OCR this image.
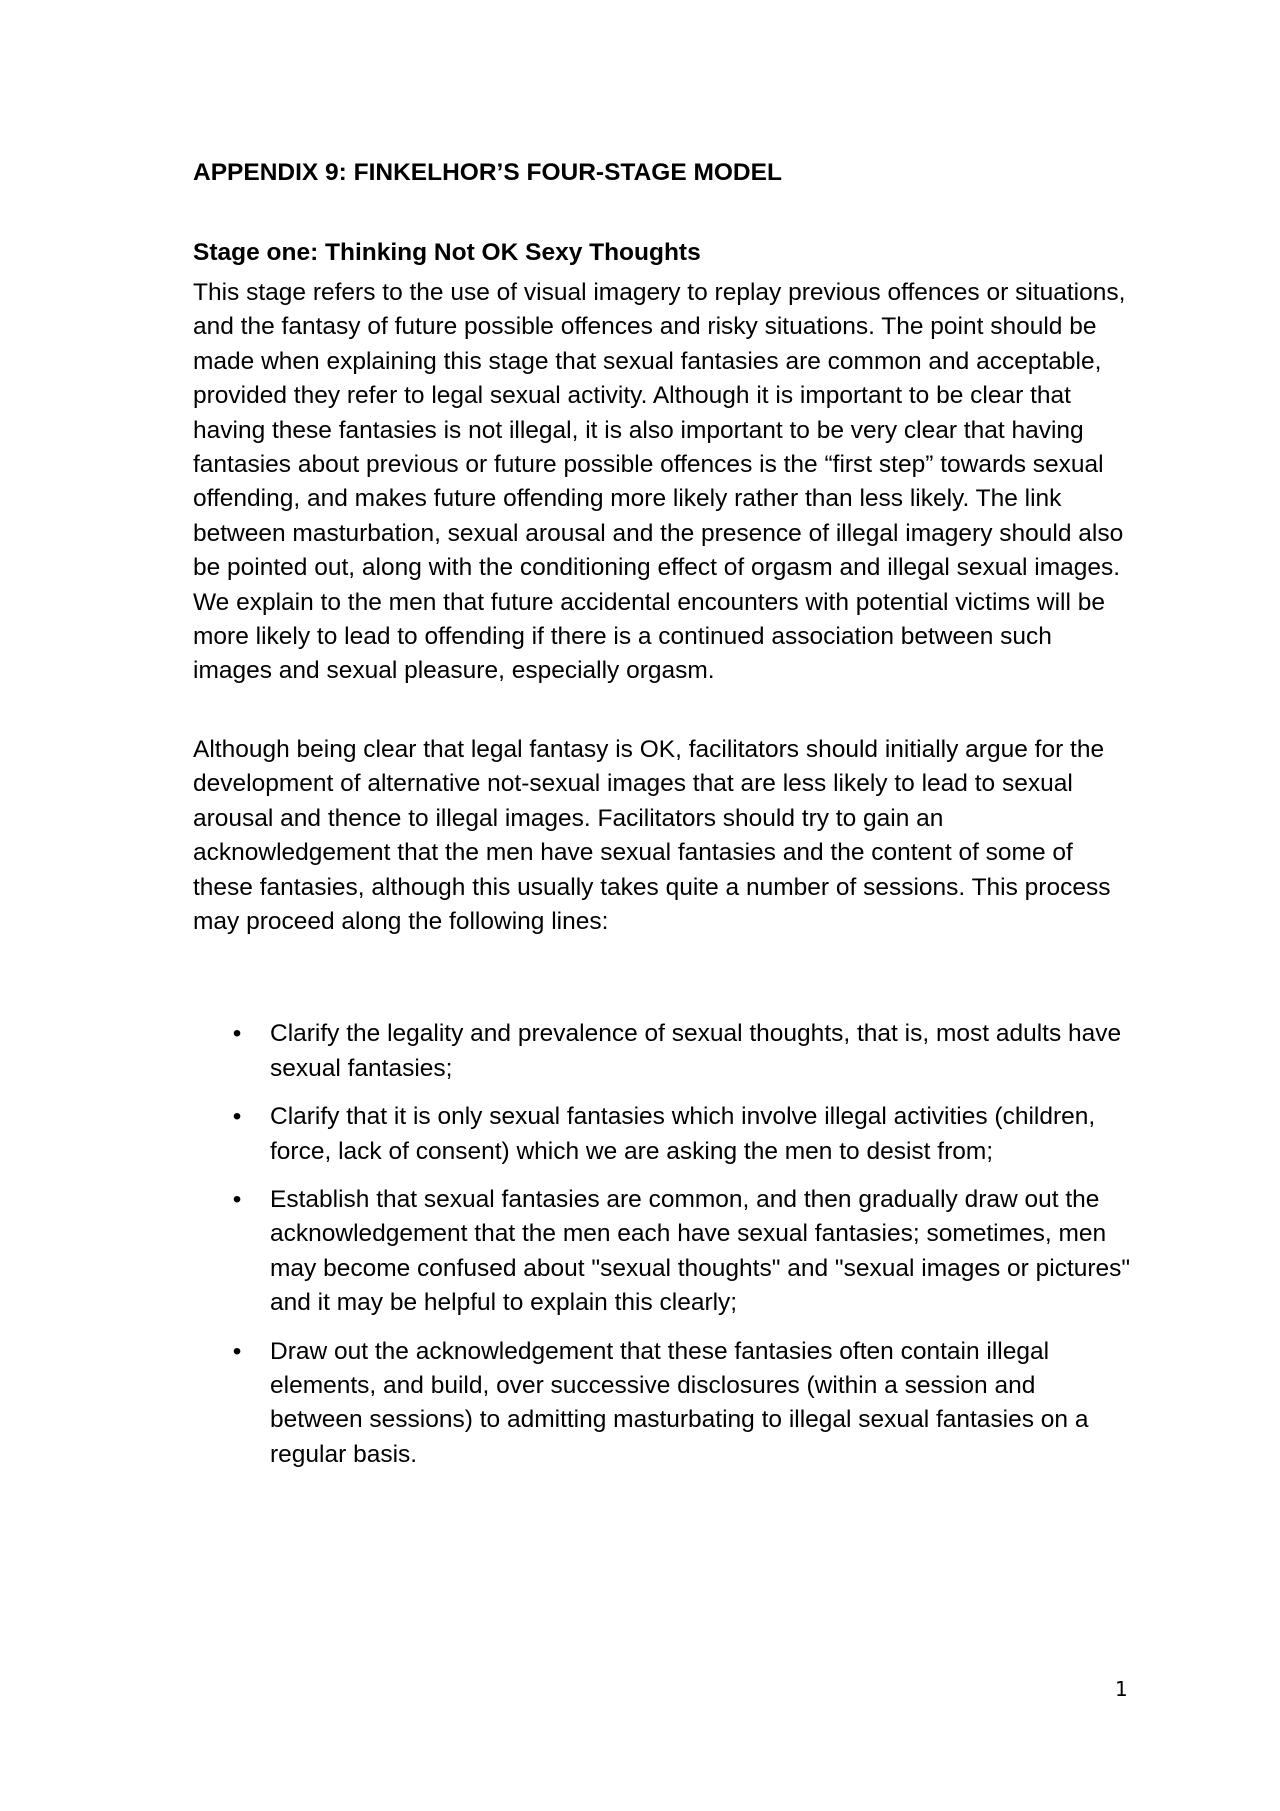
APPENDIX 9: FINKELHOR’S FOUR-STAGE MODEL

Stage one: Thinking Not OK Sexy Thoughts

This stage refers to the use of visual imagery to replay previous offences or situations, and the fantasy of future possible offences and risky situations. The point should be made when explaining this stage that sexual fantasies are common and acceptable, provided they refer to legal sexual activity. Although it is important to be clear that having these fantasies is not illegal, it is also important to be very clear that having fantasies about previous or future possible offences is the “first step” towards sexual offending, and makes future offending more likely rather than less likely. The link between masturbation, sexual arousal and the presence of illegal imagery should also be pointed out, along with the conditioning effect of orgasm and illegal sexual images. We explain to the men that future accidental encounters with potential victims will be more likely to lead to offending if there is a continued association between such images and sexual pleasure, especially orgasm.

Although being clear that legal fantasy is OK, facilitators should initially argue for the development of alternative not-sexual images that are less likely to lead to sexual arousal and thence to illegal images. Facilitators should try to gain an acknowledgement that the men have sexual fantasies and the content of some of these fantasies, although this usually takes quite a number of sessions. This process may proceed along the following lines:

• Clarify the legality and prevalence of sexual thoughts, that is, most adults have sexual fantasies;
• Clarify that it is only sexual fantasies which involve illegal activities (children, force, lack of consent) which we are asking the men to desist from;
• Establish that sexual fantasies are common, and then gradually draw out the acknowledgement that the men each have sexual fantasies; sometimes, men may become confused about "sexual thoughts" and "sexual images or pictures" and it may be helpful to explain this clearly;
• Draw out the acknowledgement that these fantasies often contain illegal elements, and build, over successive disclosures (within a session and between sessions) to admitting masturbating to illegal sexual fantasies on a regular basis.
1
